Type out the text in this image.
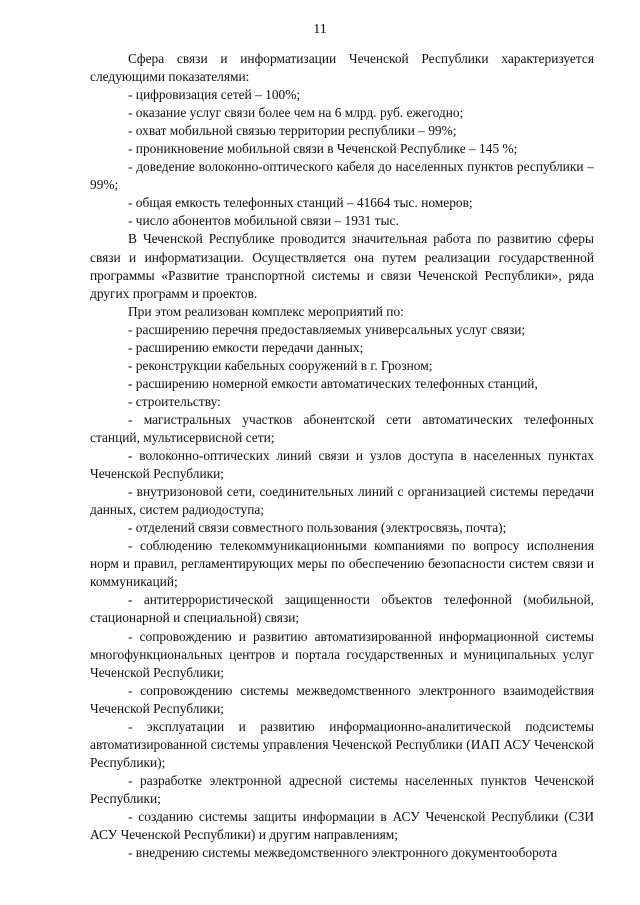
11

Сфера связи и информатизации Чеченской Республики характеризуется следующими показателями:

- цифровизация сетей – 100%;

- оказание услуг связи более чем на 6 млрд. руб. ежегодно;

- охват мобильной связью территории республики – 99%;

- проникновение мобильной связи в Чеченской Республике – 145 %;

- доведение волоконно-оптического кабеля до населенных пунктов республики – 99%;

- общая емкость телефонных станций – 41664 тыс. номеров;

- число абонентов мобильной связи – 1931 тыс.

В Чеченской Республике проводится значительная работа по развитию сферы связи и информатизации. Осуществляется она путем реализации государственной программы «Развитие транспортной системы и связи Чеченской Республики», ряда других программ и проектов.

При этом реализован комплекс мероприятий по:

- расширению перечня предоставляемых универсальных услуг связи;

- расширению емкости передачи данных;

- реконструкции кабельных сооружений в г. Грозном;

- расширению номерной емкости автоматических телефонных станций,

- строительству:

- магистральных участков абонентской сети автоматических телефонных станций, мультисервисной сети;

- волоконно-оптических линий связи и узлов доступа в населенных пунктах Чеченской Республики;

- внутризоновой сети, соединительных линий с организацией системы передачи данных, систем радиодоступа;

- отделений связи совместного пользования (электросвязь, почта);

- соблюдению телекоммуникационными компаниями по вопросу исполнения норм и правил, регламентирующих меры по обеспечению безопасности систем связи и коммуникаций;

- антитеррористической защищенности объектов телефонной (мобильной, стационарной и специальной) связи;

- сопровождению и развитию автоматизированной информационной системы многофункциональных центров и портала государственных и муниципальных услуг Чеченской Республики;

- сопровождению системы межведомственного электронного взаимодействия Чеченской Республики;

- эксплуатации и развитию информационно-аналитической подсистемы автоматизированной системы управления Чеченской Республики (ИАП АСУ Чеченской Республики);

- разработке электронной адресной системы населенных пунктов Чеченской Республики;

- созданию системы защиты информации в АСУ Чеченской Республики (СЗИ АСУ Чеченской Республики) и другим направлениям;

- внедрению системы межведомственного электронного документооборота
